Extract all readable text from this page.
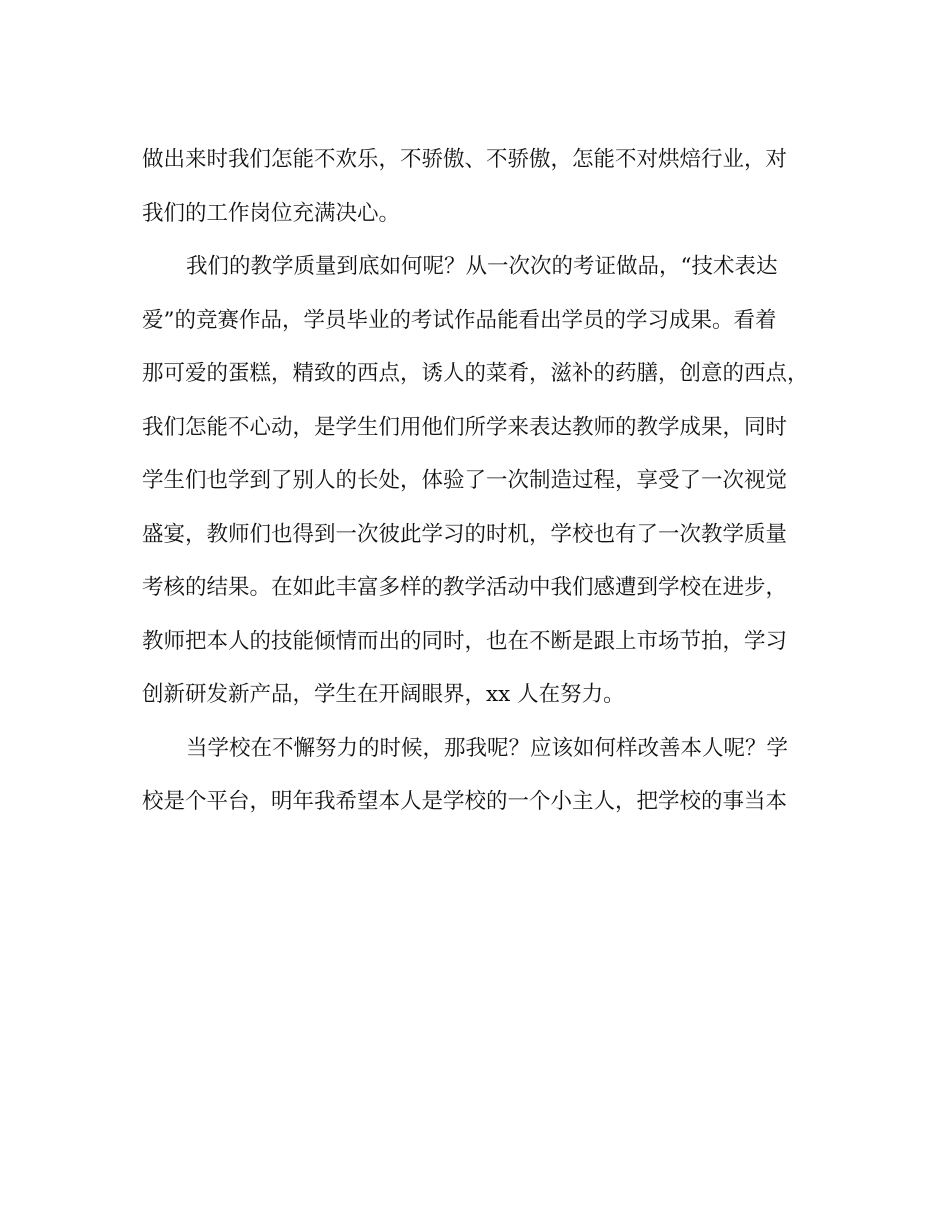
做出来时我们怎能不欢乐，不骄傲、不骄傲，怎能不对烘焙行业，对
我们的工作岗位充满决心。
我们的教学质量到底如何呢？从一次次的考证做品，“技术表达
爱”的竞赛作品，学员毕业的考试作品能看出学员的学习成果。看着
那可爱的蛋糕，精致的西点，诱人的菜肴，滋补的药膳，创意的西点，
我们怎能不心动，是学生们用他们所学来表达教师的教学成果，同时
学生们也学到了别人的长处，体验了一次制造过程，享受了一次视觉
盛宴，教师们也得到一次彼此学习的时机，学校也有了一次教学质量
考核的结果。在如此丰富多样的教学活动中我们感遭到学校在进步，
教师把本人的技能倾情而出的同时，也在不断是跟上市场节拍，学习
创新研发新产品，学生在开阔眼界，xx 人在努力。
当学校在不懈努力的时候，那我呢？应该如何样改善本人呢？学
校是个平台，明年我希望本人是学校的一个小主人，把学校的事当本
